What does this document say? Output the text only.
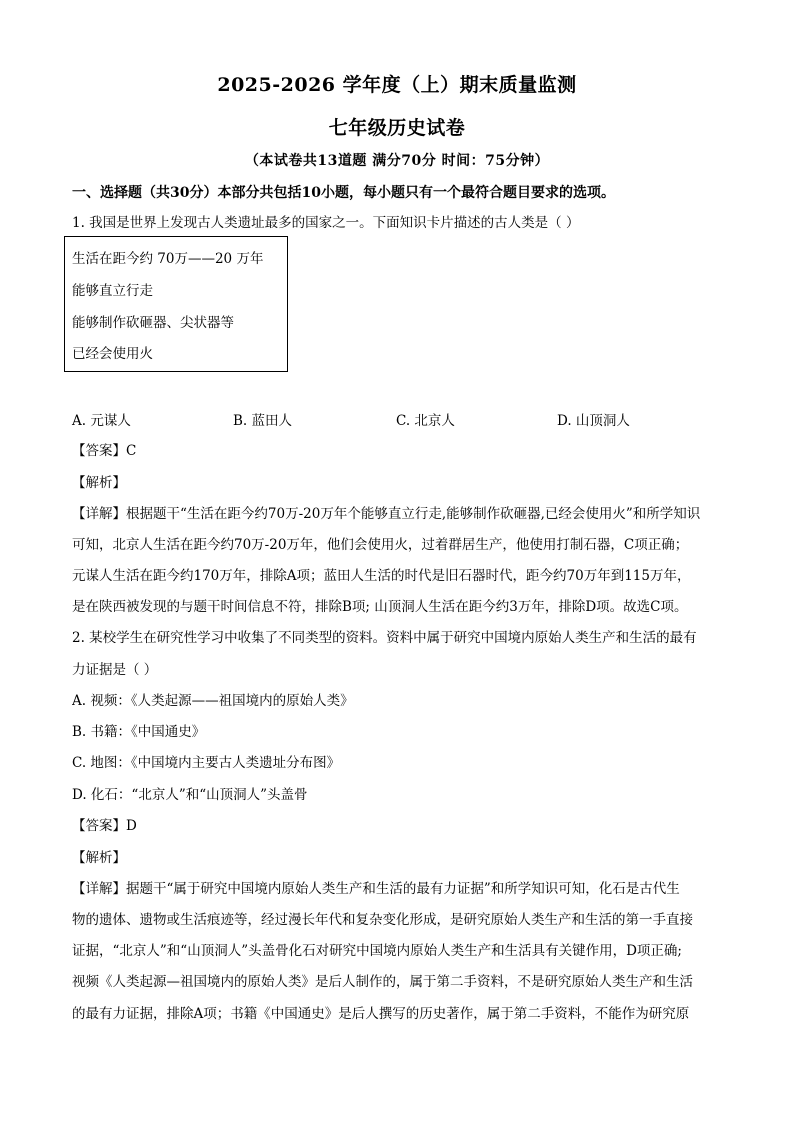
2025-2026 学年度（上）期末质量监测
七年级历史试卷
（本试卷共13道题 满分70分 时间：75分钟）
一、选择题（共30分）本部分共包括10小题，每小题只有一个最符合题目要求的选项。
1. 我国是世界上发现古人类遗址最多的国家之一。下面知识卡片描述的古人类是（ ）
生活在距今约 70万——20 万年
能够直立行走
能够制作砍砸器、尖状器等
已经会使用火
A. 元谋人	B. 蓝田人	C. 北京人	D. 山顶洞人
【答案】C
【解析】
【详解】根据题干“生活在距今约70万-20万年个能够直立行走,能够制作砍砸器,已经会使用火”和所学知识
可知，北京人生活在距今约70万-20万年，他们会使用火，过着群居生产，他使用打制石器，C项正确；
元谋人生活在距今约170万年，排除A项；蓝田人生活的时代是旧石器时代，距今约70万年到115万年，
是在陕西被发现的与题干时间信息不符，排除B项; 山顶洞人生活在距今约3万年，排除D项。故选C项。
2. 某校学生在研究性学习中收集了不同类型的资料。资料中属于研究中国境内原始人类生产和生活的最有
力证据是（ ）
A. 视频：《人类起源——祖国境内的原始人类》
B. 书籍：《中国通史》
C. 地图：《中国境内主要古人类遗址分布图》
D. 化石：“北京人”和“山顶洞人”头盖骨
【答案】D
【解析】
【详解】据题干“属于研究中国境内原始人类生产和生活的最有力证据”和所学知识可知，化石是古代生
物的遗体、遗物或生活痕迹等，经过漫长年代和复杂变化形成，是研究原始人类生产和生活的第一手直接
证据，“北京人”和“山顶洞人”头盖骨化石对研究中国境内原始人类生产和生活具有关键作用，D项正确;
视频《人类起源—祖国境内的原始人类》是后人制作的，属于第二手资料，不是研究原始人类生产和生活
的最有力证据，排除A项；书籍《中国通史》是后人撰写的历史著作，属于第二手资料，不能作为研究原
